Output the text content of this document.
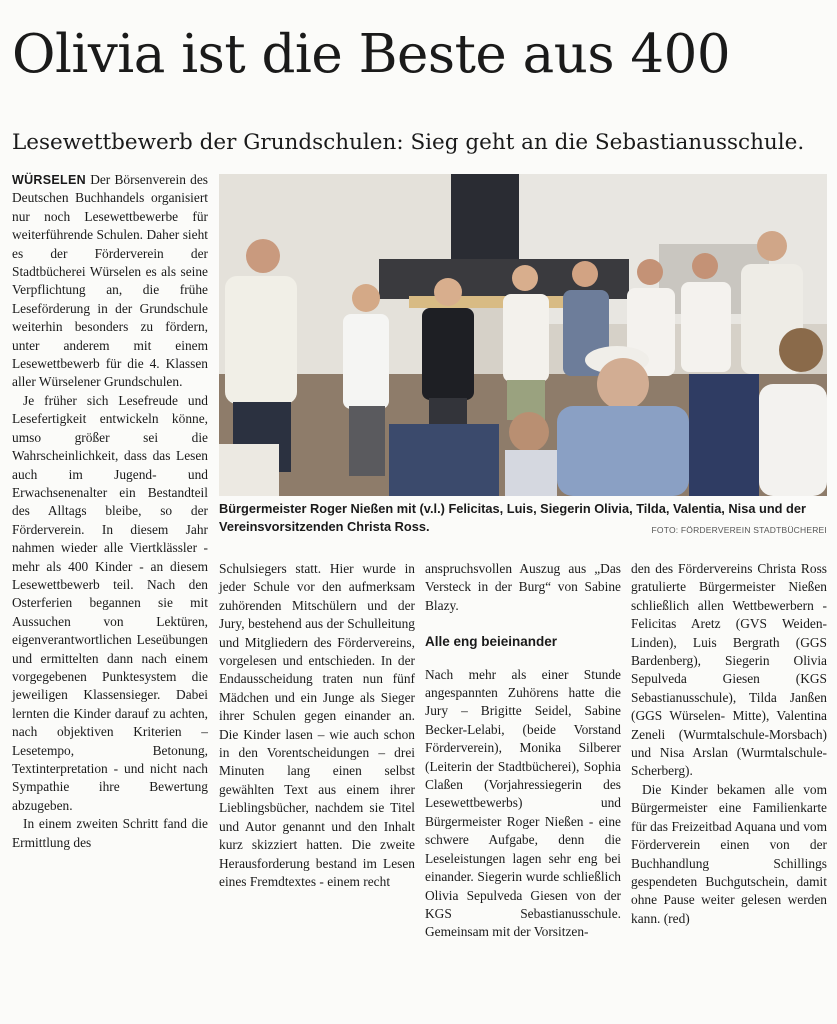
Olivia ist die Beste aus 400
Lesewettbewerb der Grundschulen: Sieg geht an die Sebastianusschule.

WÜRSELEN Der Börsenverein des Deutschen Buchhandels organisiert nur noch Lesewettbewerbe für weiterführende Schulen. Daher sieht es der Förderverein der Stadtbücherei Würselen es als seine Verpflichtung an, die frühe Leseförderung in der Grundschule weiterhin besonders zu fördern, unter anderem mit einem Lesewettbewerb für die 4. Klassen aller Würselener Grundschulen.

Je früher sich Lesefreude und Lesefertigkeit entwickeln könne, umso größer sei die Wahrscheinlichkeit, dass das Lesen auch im Jugend- und Erwachsenenalter ein Bestandteil des Alltags bleibe, so der Förderverein. In diesem Jahr nahmen wieder alle Viertklässler - mehr als 400 Kinder - an diesem Lesewettbewerb teil. Nach den Osterferien begannen sie mit Aussuchen von Lektüren, eigenverantwortlichen Leseübungen und ermittelten dann nach einem vorgegebenen Punktesystem die jeweiligen Klassensieger. Dabei lernten die Kinder darauf zu achten, nach objektiven Kriterien – Lesetempo, Betonung, Textinterpretation - und nicht nach Sympathie ihre Bewertung abzugeben.

In einem zweiten Schritt fand die Ermittlung des

Bürgermeister Roger Nießen mit (v.l.) Felicitas, Luis, Siegerin Olivia, Tilda, Valentia, Nisa und der Vereinsvorsitzenden Christa Ross.	FOTO: FÖRDERVEREIN STADTBÜCHEREI

Schulsiegers statt. Hier wurde in jeder Schule vor den aufmerksam zuhörenden Mitschülern und der Jury, bestehend aus der Schulleitung und Mitgliedern des Fördervereins, vorgelesen und entschieden. In der Endausscheidung traten nun fünf Mädchen und ein Junge als Sieger ihrer Schulen gegen einander an. Die Kinder lasen – wie auch schon in den Vorentscheidungen – drei Minuten lang einen selbst gewählten Text aus einem ihrer Lieblingsbücher, nachdem sie Titel und Autor genannt und den Inhalt kurz skizziert hatten. Die zweite Herausforderung bestand im Lesen eines Fremdtextes - einem recht

anspruchsvollen Auszug aus „Das Versteck in der Burg“ von Sabine Blazy.

Alle eng beieinander

Nach mehr als einer Stunde angespannten Zuhörens hatte die Jury – Brigitte Seidel, Sabine Becker-Lelabi, (beide Vorstand Förderverein), Monika Silberer (Leiterin der Stadtbücherei), Sophia Claßen (Vorjahressiegerin des Lesewettbewerbs) und Bürgermeister Roger Nießen - eine schwere Aufgabe, denn die Leseleistungen lagen sehr eng bei einander. Siegerin wurde schließlich Olivia Sepulveda Giesen von der KGS Sebastianusschule. Gemeinsam mit der Vorsitzen-

den des Fördervereins Christa Ross gratulierte Bürgermeister Nießen schließlich allen Wettbewerbern - Felicitas Aretz (GVS Weiden-Linden), Luis Bergrath (GGS Bardenberg), Siegerin Olivia Sepulveda Giesen (KGS Sebastianusschule), Tilda Janßen (GGS Würselen- Mitte), Valentina Zeneli (Wurmtalschule-Morsbach) und Nisa Arslan (Wurmtalschule-Scherberg).

Die Kinder bekamen alle vom Bürgermeister eine Familienkarte für das Freizeitbad Aquana und vom Förderverein einen von der Buchhandlung Schillings gespendeten Buchgutschein, damit ohne Pause weiter gelesen werden kann. (red)
